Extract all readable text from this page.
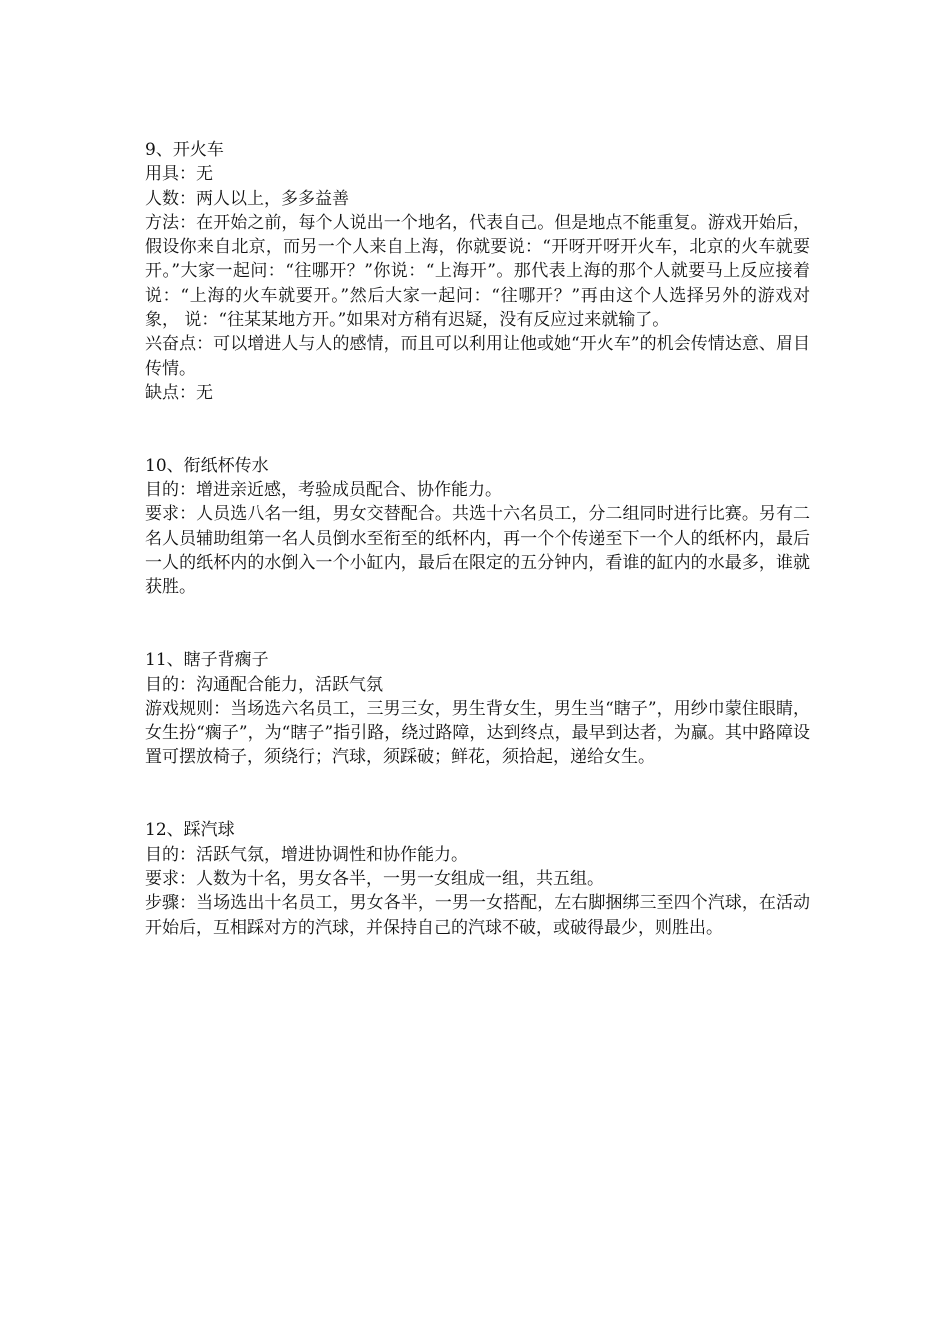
9、开火车

用具：无

人数：两人以上，多多益善

方法：在开始之前，每个人说出一个地名，代表自己。但是地点不能重复。游戏开始后，假设你来自北京，而另一个人来自上海，你就要说：“开呀开呀开火车，北京的火车就要开。”大家一起问：“往哪开？”你说：“上海开”。那代表上海的那个人就要马上反应接着说：“上海的火车就要开。”然后大家一起问：“往哪开？”再由这个人选择另外的游戏对象， 说：“往某某地方开。”如果对方稍有迟疑，没有反应过来就输了。

兴奋点：可以增进人与人的感情，而且可以利用让他或她“开火车”的机会传情达意、眉目传情。

缺点：无

10、衔纸杯传水

目的：增进亲近感，考验成员配合、协作能力。

要求：人员选八名一组，男女交替配合。共选十六名员工，分二组同时进行比赛。另有二名人员辅助组第一名人员倒水至衔至的纸杯内，再一个个传递至下一个人的纸杯内，最后一人的纸杯内的水倒入一个小缸内，最后在限定的五分钟内，看谁的缸内的水最多，谁就获胜。

11、瞎子背瘸子

目的：沟通配合能力，活跃气氛

游戏规则：当场选六名员工，三男三女，男生背女生，男生当“瞎子”，用纱巾蒙住眼睛，女生扮“瘸子”，为“瞎子”指引路，绕过路障，达到终点，最早到达者，为赢。其中路障设置可摆放椅子，须绕行；汽球，须踩破；鲜花，须拾起，递给女生。

12、踩汽球

目的：活跃气氛，增进协调性和协作能力。

要求：人数为十名，男女各半，一男一女组成一组，共五组。

步骤：当场选出十名员工，男女各半，一男一女搭配，左右脚捆绑三至四个汽球，在活动开始后，互相踩对方的汽球，并保持自己的汽球不破，或破得最少，则胜出。
